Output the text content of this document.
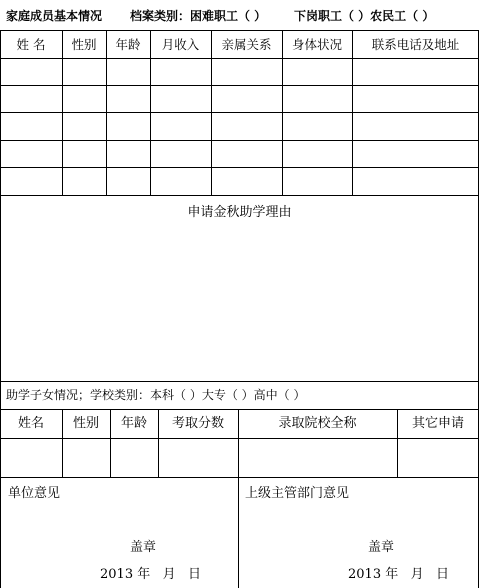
家庭成员基本情况 档案类别：困难职工（ ） 下岗职工（ ）农民工（ ）
姓 名	性别	年龄	月收入	亲属关系	身体状况	联系电话及地址
申请金秋助学理由
助学子女情况；学校类别：本科（ ）大专（ ）高中（ ）
姓名	性别	年龄	考取分数	录取院校全称	其它申请
单位意见	上级主管部门意见
盖章	盖章
2013 年   月   日	2013 年   月   日
